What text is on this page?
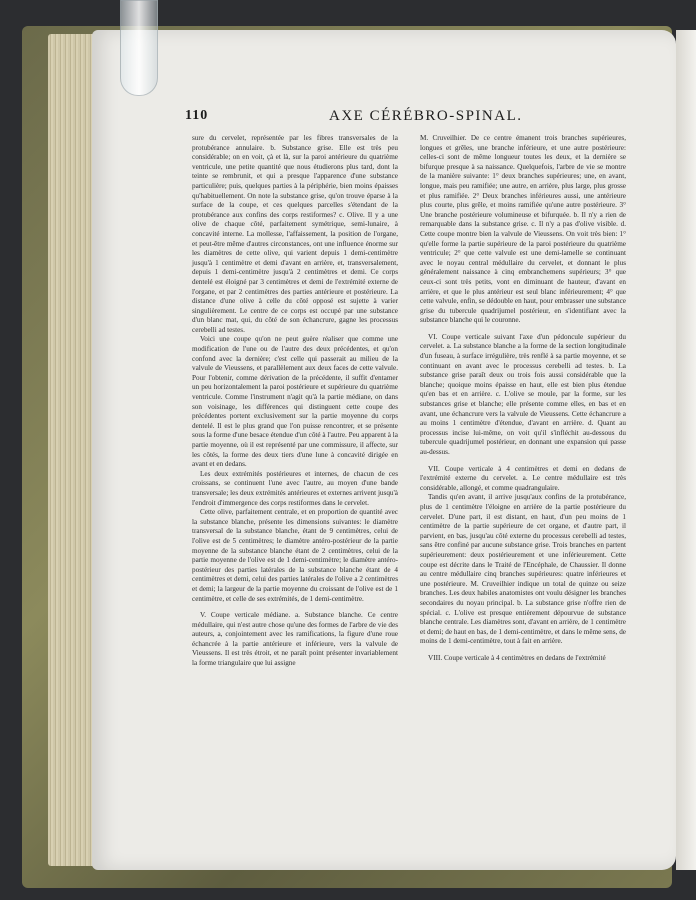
110	AXE CÉRÉBRO-SPINAL.

sure du cervelet, représentée par les fibres transversales de la protubérance annulaire. b. Substance grise. Elle est très peu considérable; on en voit, çà et là, sur la paroi antérieure du quatrième ventricule, une petite quantité que nous étudierons plus tard, dont la teinte se rembrunit, et qui a presque l'apparence d'une substance particulière; puis, quelques parties à la périphérie, bien moins épaisses qu'habituellement. On note la substance grise, qu'on trouve éparse à la surface de la coupe, et ces quelques parcelles s'étendant de la protubérance aux confins des corps restiformes? c. Olive. Il y a une olive de chaque côté, parfaitement symétrique, semi-lunaire, à concavité interne. La mollesse, l'affaissement, la position de l'organe, et peut-être même d'autres circonstances, ont une influence énorme sur les diamètres de cette olive, qui varient depuis 1 demi-centimètre jusqu'à 1 centimètre et demi d'avant en arrière, et, transversalement, depuis 1 demi-centimètre jusqu'à 2 centimètres et demi. Ce corps dentelé est éloigné par 3 centimètres et demi de l'extrémité externe de l'organe, et par 2 centimètres des parties antérieure et postérieure. La distance d'une olive à celle du côté opposé est sujette à varier singulièrement. Le centre de ce corps est occupé par une substance d'un blanc mat, qui, du côté de son échancrure, gagne les processus cerebelli ad testes.

Voici une coupe qu'on ne peut guère réaliser que comme une modification de l'une ou de l'autre des deux précédentes, et qu'on confond avec la dernière; c'est celle qui passerait au milieu de la valvule de Vieussens, et parallèlement aux deux faces de cette valvule. Pour l'obtenir, comme dérivation de la précédente, il suffit d'entamer un peu horizontalement la paroi postérieure et supérieure du quatrième ventricule. Comme l'instrument n'agit qu'à la partie médiane, on dans son voisinage, les différences qui distinguent cette coupe des précédentes portent exclusivement sur la partie moyenne du corps dentelé. Il est le plus grand que l'on puisse rencontrer, et se présente sous la forme d'une besace étendue d'un côté à l'autre. Peu apparent à la partie moyenne, où il est représenté par une commissure, il affecte, sur les côtés, la forme des deux tiers d'une lune à concavité dirigée en avant et en dedans.

Les deux extrémités postérieures et internes, de chacun de ces croissans, se continuent l'une avec l'autre, au moyen d'une bande transversale; les deux extrémités antérieures et externes arrivent jusqu'à l'endroit d'immergence des corps restiformes dans le cervelet.

Cette olive, parfaitement centrale, et en proportion de quantité avec la substance blanche, présente les dimensions suivantes: le diamètre transversal de la substance blanche, étant de 9 centimètres, celui de l'olive est de 5 centimètres; le diamètre antéro-postérieur de la partie moyenne de la substance blanche étant de 2 centimètres, celui de la partie moyenne de l'olive est de 1 demi-centimètre; le diamètre antéro-postérieur des parties latérales de la substance blanche étant de 4 centimètres et demi, celui des parties latérales de l'olive a 2 centimètres et demi; la largeur de la partie moyenne du croissant de l'olive est de 1 centimètre, et celle de ses extrémités, de 1 demi-centimètre.

V. Coupe verticale médiane. a. Substance blanche. Ce centre médullaire, qui n'est autre chose qu'une des formes de l'arbre de vie des auteurs, a, conjointement avec les ramifications, la figure d'une roue échancrée à la partie antérieure et inférieure, vers la valvule de Vieussens. Il est très étroit, et ne paraît point présenter invariablement la forme triangulaire que lui assigne

M. Cruveilhier. De ce centre émanent trois branches supérieures, longues et grêles, une branche inférieure, et une autre postérieure: celles-ci sont de même longueur toutes les deux, et la dernière se bifurque presque à sa naissance. Quelquefois, l'arbre de vie se montre de la manière suivante: 1° deux branches supérieures; une, en avant, longue, mais peu ramifiée; une autre, en arrière, plus large, plus grosse et plus ramifiée. 2° Deux branches inférieures aussi, une antérieure plus courte, plus grêle, et moins ramifiée qu'une autre postérieure. 3° Une branche postérieure volumineuse et bifurquée. b. Il n'y a rien de remarquable dans la substance grise. c. Il n'y a pas d'olive visible. d. Cette coupe montre bien la valvule de Vieussens. On voit très bien: 1° qu'elle forme la partie supérieure de la paroi postérieure du quatrième ventricule; 2° que cette valvule est une demi-lamelle se continuant avec le noyau central médullaire du cervelet, et donnant le plus généralement naissance à cinq embranchemens supérieurs; 3° que ceux-ci sont très petits, vont en diminuant de hauteur, d'avant en arrière, et que le plus antérieur est seul blanc inférieurement; 4° que cette valvule, enfin, se dédouble en haut, pour embrasser une substance grise du tubercule quadrijumel postérieur, en s'identifiant avec la substance blanche qui le couronne.

VI. Coupe verticale suivant l'axe d'un pédoncule supérieur du cervelet. a. La substance blanche a la forme de la section longitudinale d'un fuseau, à surface irrégulière, très renflé à sa partie moyenne, et se continuant en avant avec le processus cerebelli ad testes. b. La substance grise paraît deux ou trois fois aussi considérable que la blanche; quoique moins épaisse en haut, elle est bien plus étendue qu'en bas et en arrière. c. L'olive se moule, par la forme, sur les substances grise et blanche; elle présente comme elles, en bas et en avant, une échancrure vers la valvule de Vieussens. Cette échancrure a au moins 1 centimètre d'étendue, d'avant en arrière. d. Quant au processus incise lui-même, on voit qu'il s'infléchit au-dessous du tubercule quadrijumel postérieur, en donnant une expansion qui passe au-dessus.

VII. Coupe verticale à 4 centimètres et demi en dedans de l'extrémité externe du cervelet. a. Le centre médullaire est très considérable, allongé, et comme quadrangulaire.

Tandis qu'en avant, il arrive jusqu'aux confins de la protubérance, plus de 1 centimètre l'éloigne en arrière de la partie postérieure du cervelet. D'une part, il est distant, en haut, d'un peu moins de 1 centimètre de la partie supérieure de cet organe, et d'autre part, il parvient, en bas, jusqu'au côté externe du processus cerebelli ad testes, sans être confiné par aucune substance grise. Trois branches en partent supérieurement: deux postérieurement et une inférieurement. Cette coupe est décrite dans le Traité de l'Encéphale, de Chaussier. Il donne au centre médullaire cinq branches supérieures: quatre inférieures et une postérieure. M. Cruveilhier indique un total de quinze ou seize branches. Les deux habiles anatomistes ont voulu désigner les branches secondaires du noyau principal. b. La substance grise n'offre rien de spécial. c. L'olive est presque entièrement dépourvue de substance blanche centrale. Les diamètres sont, d'avant en arrière, de 1 centimètre et demi; de haut en bas, de 1 demi-centimètre, et dans le même sens, de moins de 1 demi-centimètre, tout à fait en arrière.

VIII. Coupe verticale à 4 centimètres en dedans de l'extrémité
